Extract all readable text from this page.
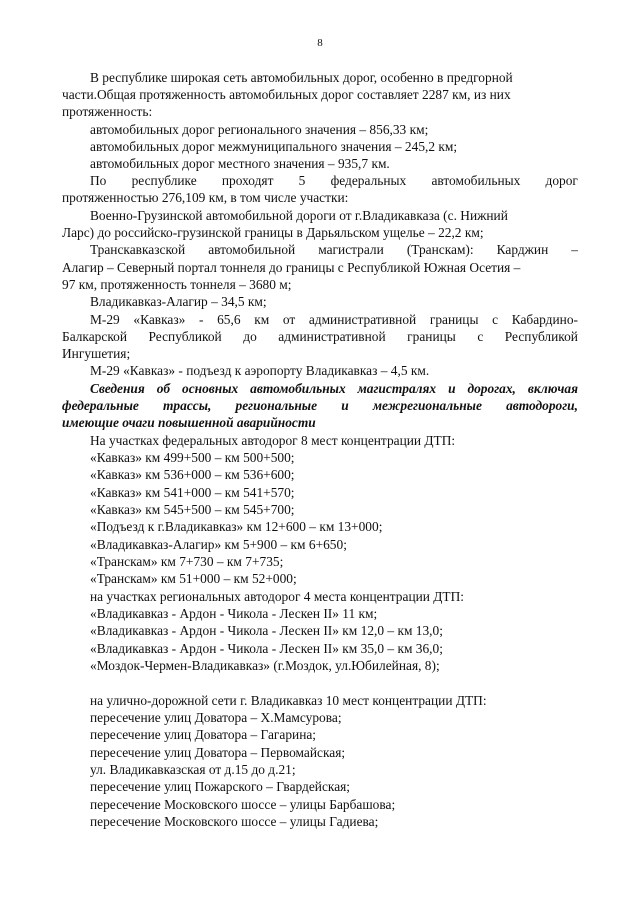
8
В республике широкая сеть автомобильных дорог, особенно в предгорной
части.Общая протяженность автомобильных дорог составляет 2287 км, из них
протяженность:
автомобильных дорог регионального значения – 856,33 км;
автомобильных дорог межмуниципального значения – 245,2 км;
автомобильных дорог местного значения – 935,7 км.
По республике проходят 5 федеральных автомобильных дорог
протяженностью 276,109 км, в том числе участки:
Военно-Грузинской автомобильной дороги от г.Владикавказа (с. Нижний
Ларс) до российско-грузинской границы в Дарьяльском ущелье – 22,2 км;
Транскавказской автомобильной магистрали (Транскам): Карджин –
Алагир – Северный портал тоннеля до границы с Республикой Южная Осетия –
97 км, протяженность тоннеля – 3680 м;
Владикавказ-Алагир – 34,5 км;
М-29 «Кавказ» - 65,6 км от административной границы с Кабардино-
Балкарской Республикой до административной границы с Республикой
Ингушетия;
М-29 «Кавказ» - подъезд к аэропорту Владикавказ – 4,5 км.
Сведения об основных автомобильных магистралях и дорогах, включая
федеральные трассы, региональные и межрегиональные автодороги,
имеющие очаги повышенной аварийности
На участках федеральных автодорог 8 мест концентрации ДТП:
«Кавказ» км 499+500 – км 500+500;
«Кавказ» км 536+000 – км 536+600;
«Кавказ» км 541+000 – км 541+570;
«Кавказ» км 545+500 – км 545+700;
«Подъезд к г.Владикавказ» км 12+600 – км 13+000;
«Владикавказ-Алагир» км 5+900 – км 6+650;
«Транскам» км 7+730 – км 7+735;
«Транскам» км 51+000 – км 52+000;
на участках региональных автодорог 4 места концентрации ДТП:
«Владикавказ - Ардон - Чикола - Лескен II» 11 км;
«Владикавказ - Ардон - Чикола - Лескен II» км 12,0 – км 13,0;
«Владикавказ - Ардон - Чикола - Лескен II» км 35,0 – км 36,0;
«Моздок-Чермен-Владикавказ» (г.Моздок, ул.Юбилейная, 8);
на улично-дорожной сети г. Владикавказ 10 мест концентрации ДТП:
пересечение улиц Доватора – Х.Мамсурова;
пересечение улиц Доватора – Гагарина;
пересечение улиц Доватора – Первомайская;
ул. Владикавказская от д.15 до д.21;
пересечение улиц Пожарского – Гвардейская;
пересечение Московского шоссе – улицы Барбашова;
пересечение Московского шоссе – улицы Гадиева;
